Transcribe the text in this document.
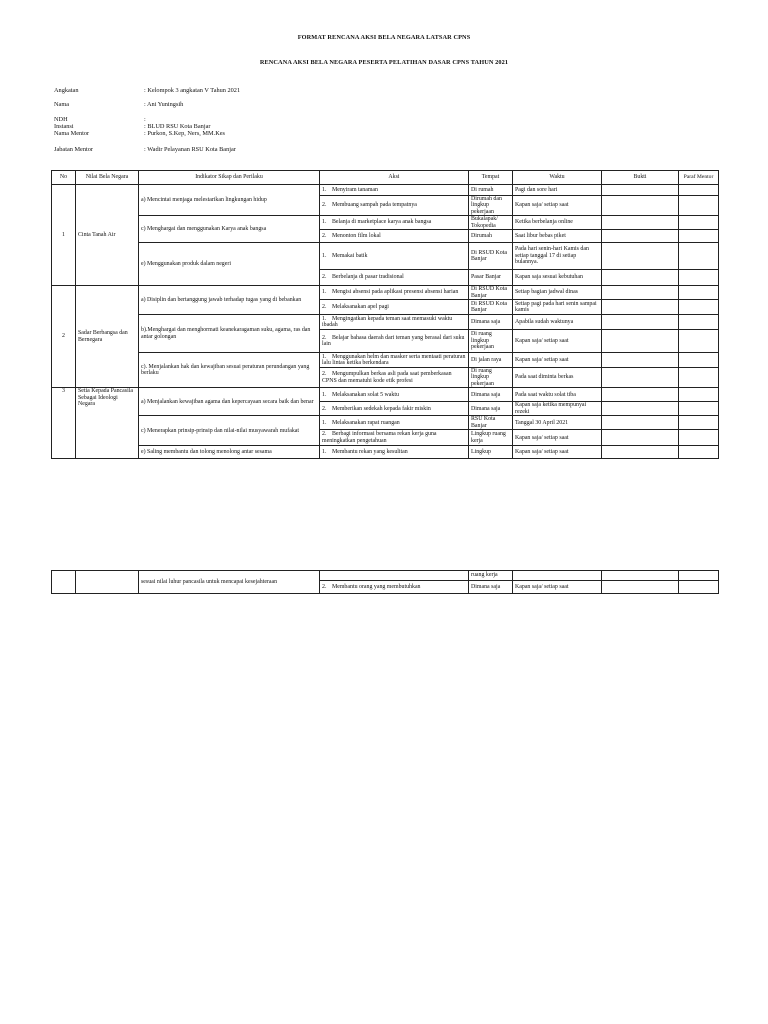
FORMAT RENCANA AKSI BELA NEGARA LATSAR CPNS
RENCANA AKSI BELA NEGARA PESERTA PELATIHAN DASAR CPNS TAHUN 2021
Angkatan	: Kelompok 3 angkatan V Tahun 2021
Nama	: Ani Yuningsih
NDH	:
Instansi	: BLUD RSU Kota Banjar
Nama Mentor	: Purkon, S.Kep, Ners, MM.Kes
Jabatan Mentor	: Wadir Pelayanan RSU Kota Banjar
No	Nilai Bela Negara	Indikator Sikap dan Perilaku	Aksi	Tempat	Waktu	Bukti	Paraf Mentor
1	Cinta Tanah Air	a) Mencintai menjaga melestarikan lingkungan hidup	1. Menyiram tanaman	Di rumah	Pagi dan sore hari		
			2. Membuang sampah pada tempatnya	Dirumah dan lingkup pekerjaan	Kapan saja/ setiap saat		
		c) Menghargai dan menggunakan Karya anak bangsa	1. Belanja di marketplace karya anak bangsa	Bukalapak/ Tokopedia	Ketika berbelanja online		
			2. Menonton film lokal	Dirumah	Saat libur bebas piket		
		e) Menggunakan produk dalam negeri	1. Memakai batik	Di RSUD Kota Banjar	Pada hari senin-hari Kamis dan setiap tanggal 17 di setiap bulannya.		
			2. Berbelanja di pasar tradisional	Pasar Banjar	Kapan saja sesuai kebutuhan		
2	Sadar Berbangsa dan Bernegara	a) Disiplin dan bertanggung jawab terhadap tugas yang di bebankan	1. Mengisi absensi pada aplikasi presensi absensi harian	Di RSUD Kota Banjar	Setiap bagian jadwal dinas		
			2. Melaksanakan apel pagi	Di RSUD Kota Banjar	Setiap pagi pada hari senin sampai kamis		
		b).Menghargai dan menghormati keanekaragaman suku, agama, ras dan antar golongan	1. Mengingatkan kepada teman saat memasuki waktu ibadah	Dimana saja	Apabila sudah waktunya		
			2. Belajar bahasa daerah dari teman yang berasal dari suku lain	Di ruang lingkup pekerjaan	Kapan saja/ setiap saat		
		c). Menjalankan hak dan kewajiban sesuai peraturan perundangan yang berlaku	1. Menggunakan helm dan masker serta mentaati peraturan lalu lintas ketika berkendara	Di jalan raya	Kapan saja/ setiap saat		
			2. Mengumpulkan berkas asli pada saat pemberkasan CPNS dan mematuhi kode etik profesi	Di ruang lingkup pekerjaan	Pada saat diminta berkas		
3	Setia Kepada Pancasila Sebagai Ideologi Negara	a) Menjalankan kewajiban agama dan kepercayaan secara baik dan benar	1. Melaksanakan solat 5 waktu	Dimana saja	Pada saat waktu solat tiba		
			2. Memberikan sedekah kepada fakir miskin	Dimana saja	Kapan saja ketika mempunyai rezeki		
		c) Menerapkan prinsip-prinsip dan nilai-nilai musyawarah mufakat	1. Melaksanakan rapat ruangan	RSU Kota Banjar	Tanggal 30 April 2021		
			2. Berbagi informasi bersama rekan kerja guna meningkatkan pengetahuan	Lingkup ruang kerja	Kapan saja/ setiap saat		
		e) Saling membantu dan tolong menolong antar sesama	1. Membantu rekan yang kesulitan	Lingkup	Kapan saja/ setiap saat		
		sesuai nilai luhur pancasila untuk mencapai kesejahteraan		ruang kerja			
			2. Membantu orang yang membutuhkan	Dimana saja	Kapan saja/ setiap saat		
